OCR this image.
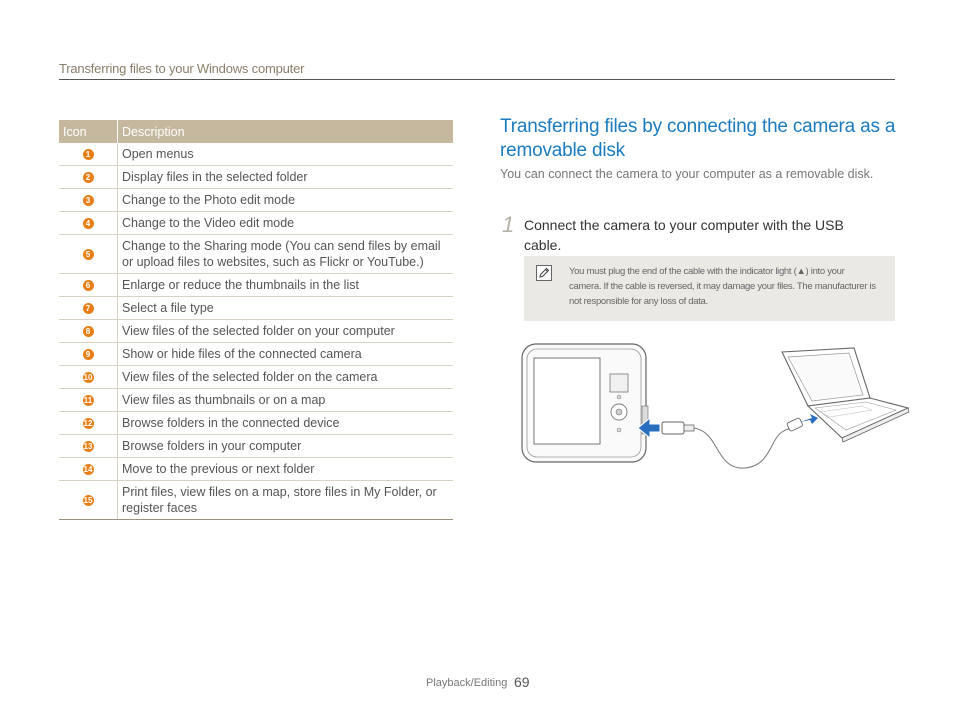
Transferring files to your Windows computer
Icon	Description
1	Open menus
2	Display files in the selected folder
3	Change to the Photo edit mode
4	Change to the Video edit mode
5	Change to the Sharing mode (You can send files by email or upload files to websites, such as Flickr or YouTube.)
6	Enlarge or reduce the thumbnails in the list
7	Select a file type
8	View files of the selected folder on your computer
9	Show or hide files of the connected camera
10	View files of the selected folder on the camera
11	View files as thumbnails or on a map
12	Browse folders in the connected device
13	Browse folders in your computer
14	Move to the previous or next folder
15	Print files, view files on a map, store files in My Folder, or register faces
Transferring files by connecting the camera as a removable disk
You can connect the camera to your computer as a removable disk.
1 Connect the camera to your computer with the USB cable.
You must plug the end of the cable with the indicator light (▲) into your camera. If the cable is reversed, it may damage your files. The manufacturer is not responsible for any loss of data.
Playback/Editing 69
